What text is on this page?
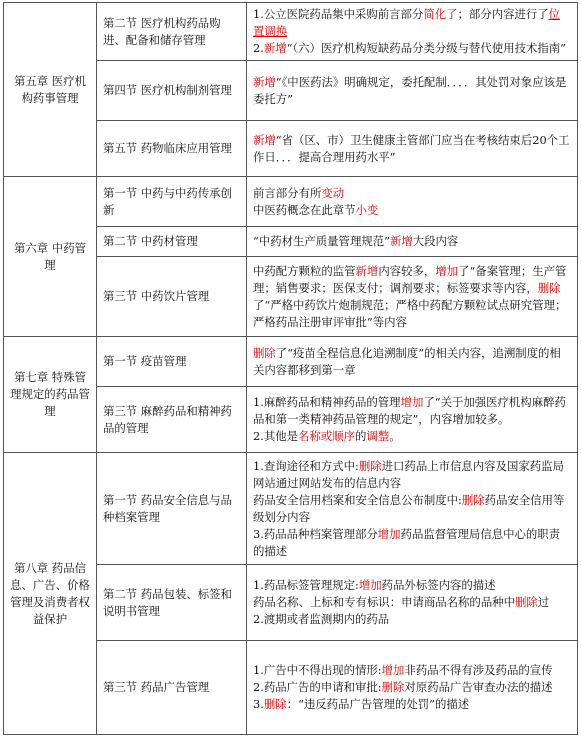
第五章 医疗机构药事管理	第二节 医疗机构药品购进、配备和储存管理	1.公立医院药品集中采购前言部分简化了；部分内容进行了位置调换
2.新增“（六）医疗机构短缺药品分类分级与替代使用技术指南”

	第四节 医疗机构制剂管理	新增“《中医药法》明确规定，委托配制．．．．其处罚对象应该是委托方”

	第五节 药物临床应用管理	新增“省（区、市）卫生健康主管部门应当在考核结束后20个工作日．．．提高合理用药水平”

第六章 中药管理	第一节 中药与中药传承创新	前言部分有所变动
中医药概念在此章节小变

	第二节 中药材管理	“中药材生产质量管理规范”新增大段内容

	第三节 中药饮片管理	中药配方颗粒的监管新增内容较多，增加了“备案管理；生产管理；销售要求；医保支付；调剂要求；标签要求等内容，删除了“严格中药饮片炮制规范；严格中药配方颗粒试点研究管理；严格药品注册审评审批”等内容

第七章 特殊管理规定的药品管理	第一节 疫苗管理	删除了“疫苗全程信息化追溯制度”的相关内容，追溯制度的相关内容都移到第一章

	第三节 麻醉药品和精神药品的管理	1.麻醉药品和精神药品的管理增加了“关于加强医疗机构麻醉药品和第一类精神药品管理的规定”，内容增加较多。
2.其他是名称或顺序的调整。

第八章 药品信息、广告、价格管理及消费者权益保护	第一节 药品安全信息与品种档案管理	1.查询途径和方式中:删除进口药品上市信息内容及国家药监局网站通过网站发布的信息内容
药品安全信用档案和安全信息公布制度中:删除药品安全信用等级划分内容
3.药品品种档案管理部分增加药品监督管理局信息中心的职责的描述

	第二节 药品包装、标签和说明书管理	1.药品标签管理规定:增加药品外标签内容的描述
药品名称、上标和专有标识：申请商品名称的品种中删除过
2.渡期或者监测期内的药品

	第三节 药品广告管理	1.广告中不得出现的情形:增加非药品不得有涉及药品的宣传
2.药品广告的申请和审批:删除对原药品广告审查办法的描述
3.删除：“违反药品广告管理的处罚”的描述
